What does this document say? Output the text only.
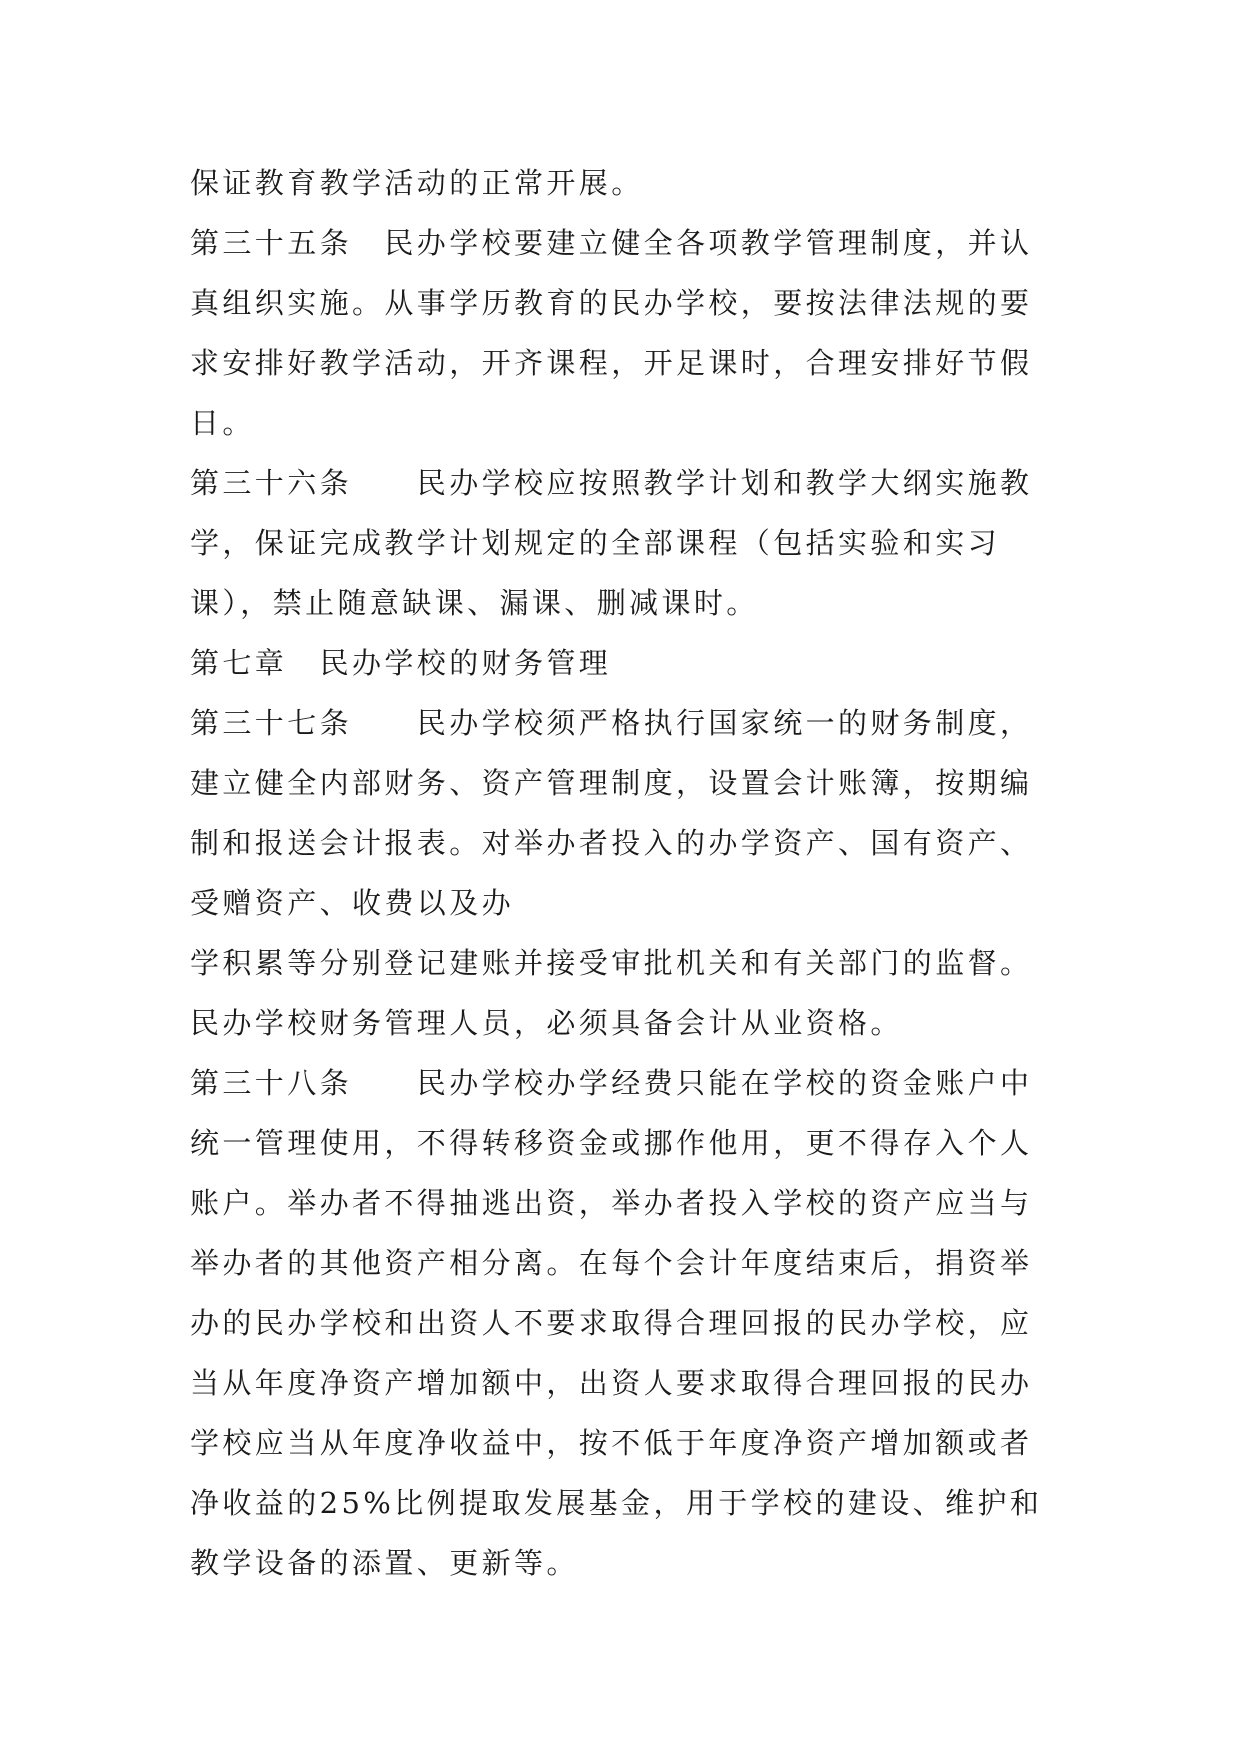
保证教育教学活动的正常开展。
第三十五条　民办学校要建立健全各项教学管理制度，并认
真组织实施。从事学历教育的民办学校，要按法律法规的要
求安排好教学活动，开齐课程，开足课时，合理安排好节假
日。
第三十六条　　民办学校应按照教学计划和教学大纲实施教
学，保证完成教学计划规定的全部课程（包括实验和实习
课），禁止随意缺课、漏课、删减课时。
第七章　民办学校的财务管理
第三十七条　　民办学校须严格执行国家统一的财务制度，
建立健全内部财务、资产管理制度，设置会计账簿，按期编
制和报送会计报表。对举办者投入的办学资产、国有资产、
受赠资产、收费以及办
学积累等分别登记建账并接受审批机关和有关部门的监督。
民办学校财务管理人员，必须具备会计从业资格。
第三十八条　　民办学校办学经费只能在学校的资金账户中
统一管理使用，不得转移资金或挪作他用，更不得存入个人
账户。举办者不得抽逃出资，举办者投入学校的资产应当与
举办者的其他资产相分离。在每个会计年度结束后，捐资举
办的民办学校和出资人不要求取得合理回报的民办学校，应
当从年度净资产增加额中，出资人要求取得合理回报的民办
学校应当从年度净收益中，按不低于年度净资产增加额或者
净收益的25%比例提取发展基金，用于学校的建设、维护和
教学设备的添置、更新等。
